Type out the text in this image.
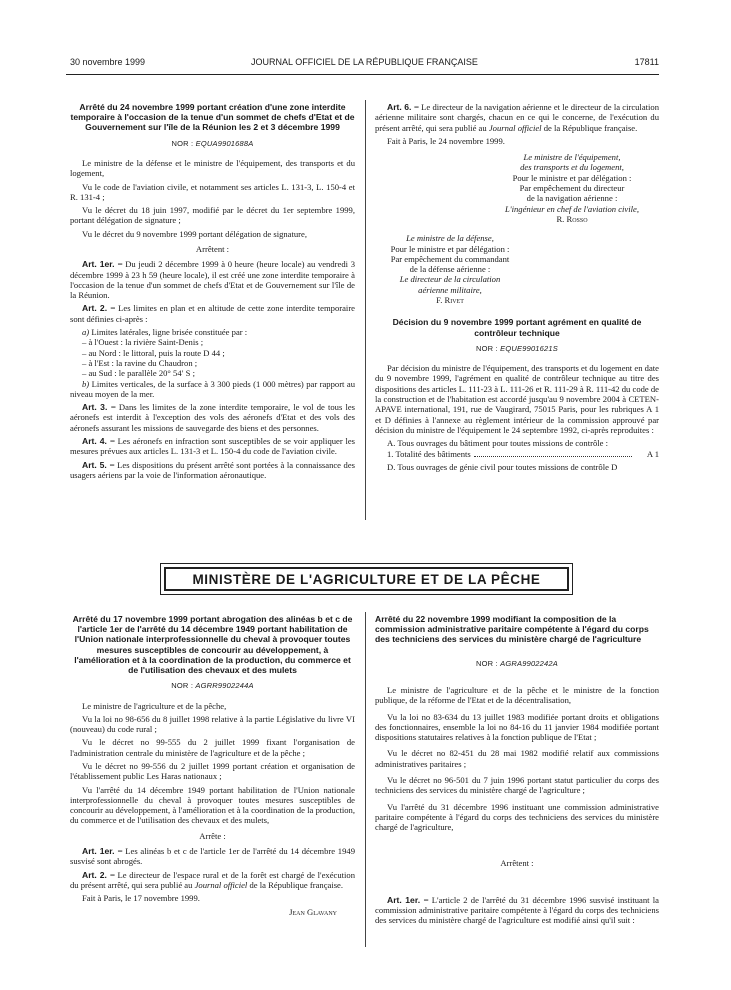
30 novembre 1999	JOURNAL OFFICIEL DE LA RÉPUBLIQUE FRANÇAISE	17811

Arrêté du 24 novembre 1999 portant création d'une zone interdite temporaire à l'occasion de la tenue d'un sommet de chefs d'Etat et de Gouvernement sur l'île de la Réunion les 2 et 3 décembre 1999

NOR : EQUA9901688A

Le ministre de la défense et le ministre de l'équipement, des transports et du logement,

Vu le code de l'aviation civile, et notamment ses articles L. 131-3, L. 150-4 et R. 131-4 ;

Vu le décret du 18 juin 1997, modifié par le décret du 1er septembre 1999, portant délégation de signature ;

Vu le décret du 9 novembre 1999 portant délégation de signature,

Arrêtent :

Art. 1er. − Du jeudi 2 décembre 1999 à 0 heure (heure locale) au vendredi 3 décembre 1999 à 23 h 59 (heure locale), il est créé une zone interdite temporaire à l'occasion de la tenue d'un sommet de chefs d'Etat et de Gouvernement sur l'île de la Réunion.

Art. 2. − Les limites en plan et en altitude de cette zone interdite temporaire sont définies ci-après :

a) Limites latérales, ligne brisée constituée par :

– à l'Ouest : la rivière Saint-Denis ;

– au Nord : le littoral, puis la route D 44 ;

– à l'Est : la ravine du Chaudron ;

– au Sud : le parallèle 20° 54′ S ;

b) Limites verticales, de la surface à 3 300 pieds (1 000 mètres) par rapport au niveau moyen de la mer.

Art. 3. − Dans les limites de la zone interdite temporaire, le vol de tous les aéronefs est interdit à l'exception des vols des aéronefs d'Etat et des vols des aéronefs assurant les missions de sauvegarde des biens et des personnes.

Art. 4. − Les aéronefs en infraction sont susceptibles de se voir appliquer les mesures prévues aux articles L. 131-3 et L. 150-4 du code de l'aviation civile.

Art. 5. − Les dispositions du présent arrêté sont portées à la connaissance des usagers aériens par la voie de l'information aéronautique.

Art. 6. − Le directeur de la navigation aérienne et le directeur de la circulation aérienne militaire sont chargés, chacun en ce qui le concerne, de l'exécution du présent arrêté, qui sera publié au Journal officiel de la République française.

Fait à Paris, le 24 novembre 1999.

Le ministre de l'équipement,
des transports et du logement,
Pour le ministre et par délégation :
Par empêchement du directeur
de la navigation aérienne :
L'ingénieur en chef de l'aviation civile,
R. Rosso
Le ministre de la défense,
Pour le ministre et par délégation :
Par empêchement du commandant
de la défense aérienne :
Le directeur de la circulation
aérienne militaire,
F. Rivet

Décision du 9 novembre 1999 portant agrément en qualité de contrôleur technique

NOR : EQUE9901621S

Par décision du ministre de l'équipement, des transports et du logement en date du 9 novembre 1999, l'agrément en qualité de contrôleur technique au titre des dispositions des articles L. 111-23 à L. 111-26 et R. 111-29 à R. 111-42 du code de la construction et de l'habitation est accordé jusqu'au 9 novembre 2004 à CETEN-APAVE international, 191, rue de Vaugirard, 75015 Paris, pour les rubriques A 1 et D définies à l'annexe au règlement intérieur de la commission approuvé par décision du ministre de l'équipement le 24 septembre 1992, ci-après reproduites :

A. Tous ouvrages du bâtiment pour toutes missions de contrôle :

1. Totalité des bâtiments	A 1

D. Tous ouvrages de génie civil pour toutes missions de contrôle D

MINISTÈRE DE L'AGRICULTURE ET DE LA PÊCHE

Arrêté du 17 novembre 1999 portant abrogation des alinéas b et c de l'article 1er de l'arrêté du 14 décembre 1949 portant habilitation de l'Union nationale interprofessionnelle du cheval à provoquer toutes mesures susceptibles de concourir au développement, à l'amélioration et à la coordination de la production, du commerce et de l'utilisation des chevaux et des mulets

NOR : AGRR9902244A

Le ministre de l'agriculture et de la pêche,

Vu la loi no 98-656 du 8 juillet 1998 relative à la partie Législative du livre VI (nouveau) du code rural ;

Vu le décret no 99-555 du 2 juillet 1999 fixant l'organisation de l'administration centrale du ministère de l'agriculture et de la pêche ;

Vu le décret no 99-556 du 2 juillet 1999 portant création et organisation de l'établissement public Les Haras nationaux ;

Vu l'arrêté du 14 décembre 1949 portant habilitation de l'Union nationale interprofessionnelle du cheval à provoquer toutes mesures susceptibles de concourir au développement, à l'amélioration et à la coordination de la production, du commerce et de l'utilisation des chevaux et des mulets,

Arrête :

Art. 1er. − Les alinéas b et c de l'article 1er de l'arrêté du 14 décembre 1949 susvisé sont abrogés.

Art. 2. − Le directeur de l'espace rural et de la forêt est chargé de l'exécution du présent arrêté, qui sera publié au Journal officiel de la République française.

Fait à Paris, le 17 novembre 1999.

Jean Glavany

Arrêté du 22 novembre 1999 modifiant la composition de la commission administrative paritaire compétente à l'égard du corps des techniciens des services du ministère chargé de l'agriculture

NOR : AGRA9902242A

Le ministre de l'agriculture et de la pêche et le ministre de la fonction publique, de la réforme de l'Etat et de la décentralisation,

Vu la loi no 83-634 du 13 juillet 1983 modifiée portant droits et obligations des fonctionnaires, ensemble la loi no 84-16 du 11 janvier 1984 modifiée portant dispositions statutaires relatives à la fonction publique de l'Etat ;

Vu le décret no 82-451 du 28 mai 1982 modifié relatif aux commissions administratives paritaires ;

Vu le décret no 96-501 du 7 juin 1996 portant statut particulier du corps des techniciens des services du ministère chargé de l'agriculture ;

Vu l'arrêté du 31 décembre 1996 instituant une commission administrative paritaire compétente à l'égard du corps des techniciens des services du ministère chargé de l'agriculture,

Arrêtent :

Art. 1er. − L'article 2 de l'arrêté du 31 décembre 1996 susvisé instituant la commission administrative paritaire compétente à l'égard du corps des techniciens des services du ministère chargé de l'agriculture est modifié ainsi qu'il suit :
